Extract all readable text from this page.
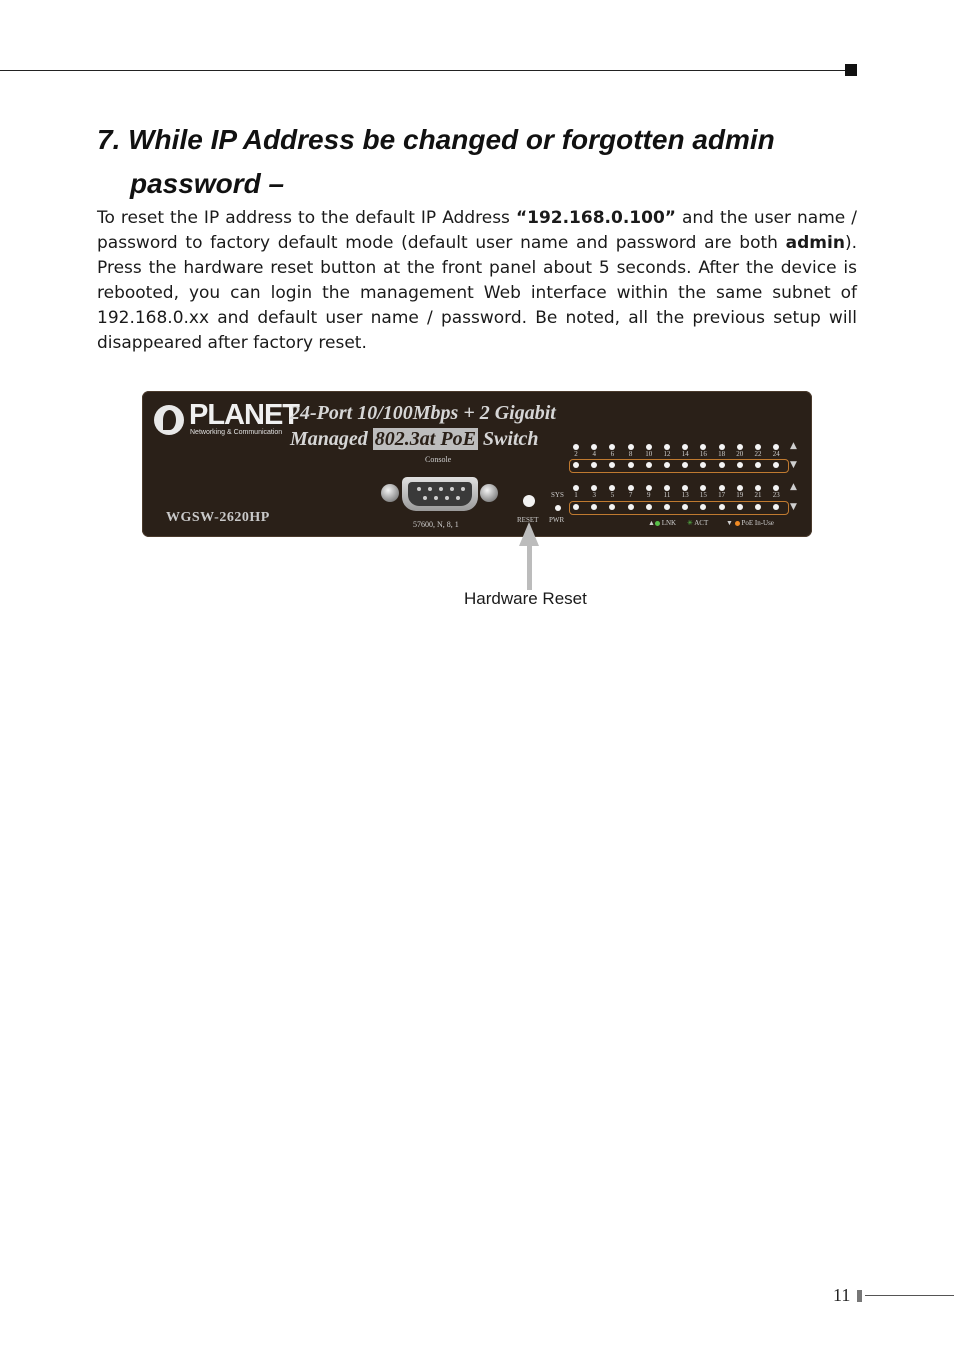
7. While IP Address be changed or forgotten admin
password –

To reset the IP address to the default IP Address “192.168.0.100” and the user name / password to factory default mode (default user name and password are both admin). Press the hardware reset button at the front panel about 5 seconds. After the device is rebooted, you can login the management Web interface within the same subnet of 192.168.0.xx and default user name / password. Be noted, all the previous setup will disappeared after factory reset.

PLANET
Networking & Communication
24-Port 10/100Mbps + 2 Gigabit
Managed 802.3at PoE Switch
WGSW-2620HP
Console
57600, N, 8, 1	RESET PWR
SYS
2	4	6	8	10	12	14	16	18	20	22	24
1	3	5	7	9	11	13	15	17	19	21	23
▲
▼
▲
▼
▲ LNK ✳ ACT	▼ PoE In-Use
Hardware Reset
11
